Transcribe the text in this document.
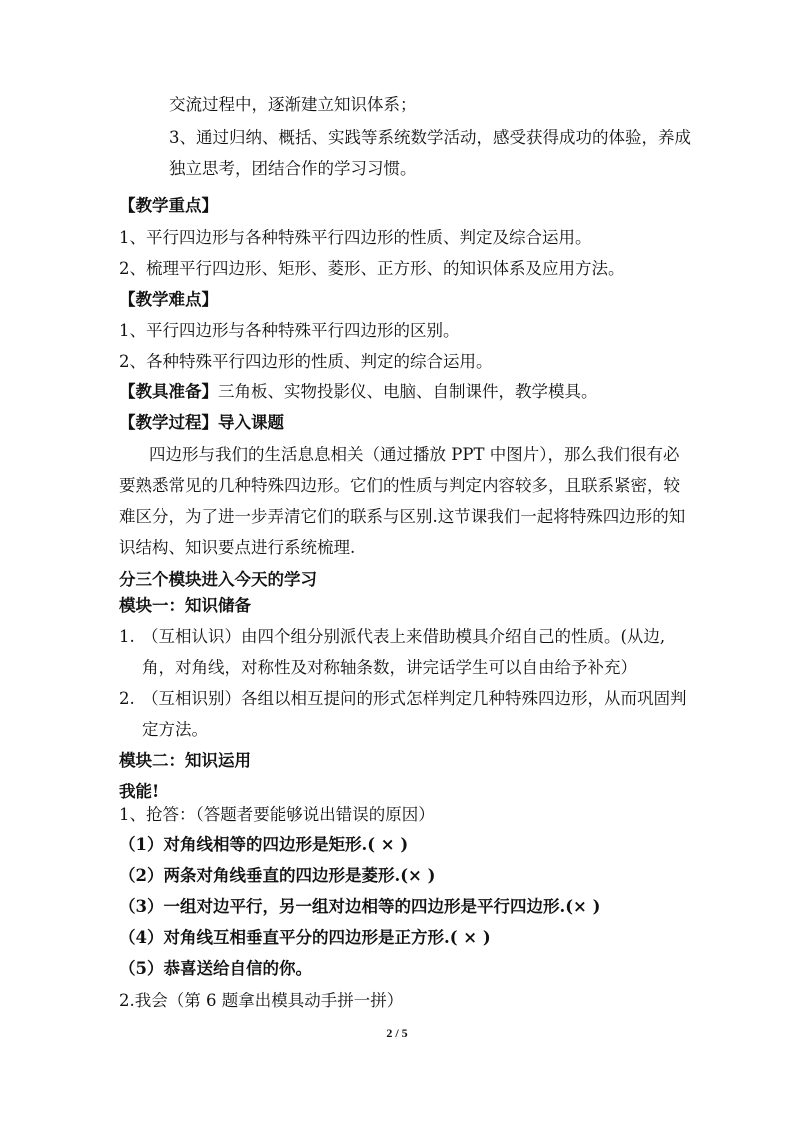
交流过程中，逐渐建立知识体系；
3、通过归纳、概括、实践等系统数学活动，感受获得成功的体验，养成
独立思考，团结合作的学习习惯。
【教学重点】
1、平行四边形与各种特殊平行四边形的性质、判定及综合运用。
2、梳理平行四边形、矩形、菱形、正方形、的知识体系及应用方法。
【教学难点】
1、平行四边形与各种特殊平行四边形的区别。
2、各种特殊平行四边形的性质、判定的综合运用。
【教具准备】三角板、实物投影仪、电脑、自制课件，教学模具。
【教学过程】导入课题
四边形与我们的生活息息相关（通过播放 PPT 中图片），那么我们很有必
要熟悉常见的几种特殊四边形。它们的性质与判定内容较多，且联系紧密，较
难区分，为了进一步弄清它们的联系与区别.这节课我们一起将特殊四边形的知
识结构、知识要点进行系统梳理.
分三个模块进入今天的学习
模块一：知识储备
1. （互相认识）由四个组分别派代表上来借助模具介绍自己的性质。(从边,
角，对角线，对称性及对称轴条数，讲完话学生可以自由给予补充）
2. （互相识别）各组以相互提问的形式怎样判定几种特殊四边形，从而巩固判
定方法。
模块二：知识运用
我能!
1、抢答：（答题者要能够说出错误的原因）
（1）对角线相等的四边形是矩形.( × )
（2）两条对角线垂直的四边形是菱形.(× )
（3）一组对边平行，另一组对边相等的四边形是平行四边形.(× )
（4）对角线互相垂直平分的四边形是正方形.( × )
（5）恭喜送给自信的你。
2.我会（第 6 题拿出模具动手拼一拼）
2 / 5
